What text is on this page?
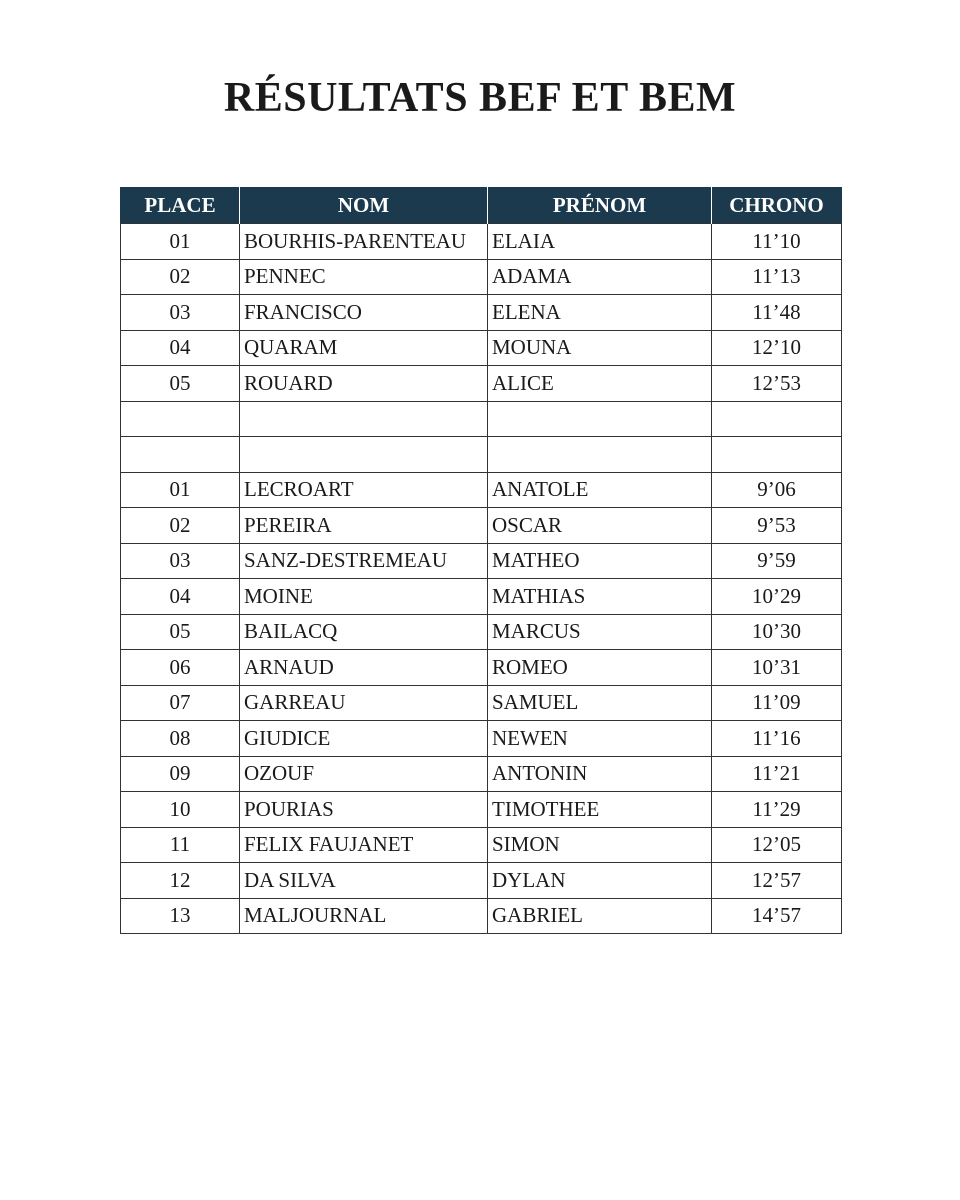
RÉSULTATS BEF ET BEM
PLACE	NOM	PRÉNOM	CHRONO
01	BOURHIS-PARENTEAU	ELAIA	11’10
02	PENNEC	ADAMA	11’13
03	FRANCISCO	ELENA	11’48
04	QUARAM	MOUNA	12’10
05	ROUARD	ALICE	12’53

01	LECROART	ANATOLE	9’06
02	PEREIRA	OSCAR	9’53
03	SANZ-DESTREMEAU	MATHEO	9’59
04	MOINE	MATHIAS	10’29
05	BAILACQ	MARCUS	10’30
06	ARNAUD	ROMEO	10’31
07	GARREAU	SAMUEL	11’09
08	GIUDICE	NEWEN	11’16
09	OZOUF	ANTONIN	11’21
10	POURIAS	TIMOTHEE	11’29
11	FELIX FAUJANET	SIMON	12’05
12	DA SILVA	DYLAN	12’57
13	MALJOURNAL	GABRIEL	14’57
